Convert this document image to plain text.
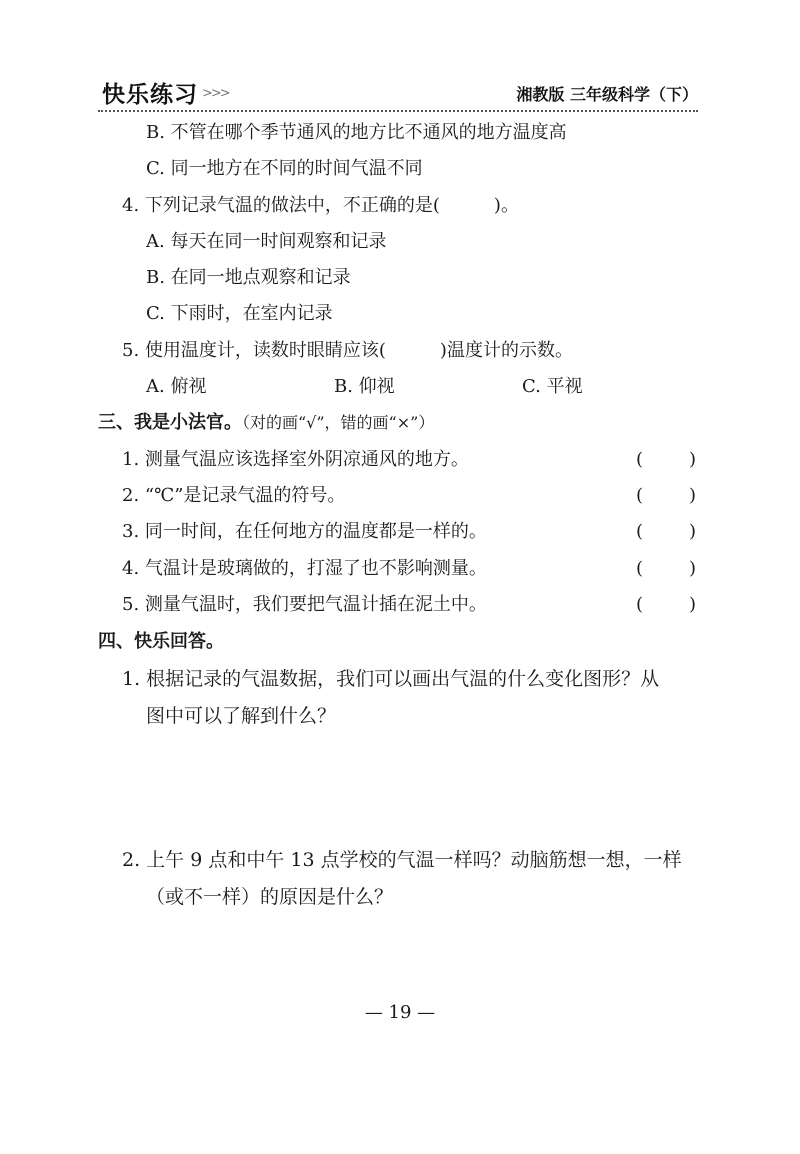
快乐练习 >>>	湘教版 三年级科学（下）
B. 不管在哪个季节通风的地方比不通风的地方温度高
C. 同一地方在不同的时间气温不同
4. 下列记录气温的做法中，不正确的是(　　　)。
A. 每天在同一时间观察和记录
B. 在同一地点观察和记录
C. 下雨时，在室内记录
5. 使用温度计，读数时眼睛应该(　　　)温度计的示数。
A. 俯视	B. 仰视	C. 平视
三、我是小法官。（对的画“√”，错的画“×”）
1. 测量气温应该选择室外阴凉通风的地方。	(	)
2. “℃”是记录气温的符号。	(	)
3. 同一时间，在任何地方的温度都是一样的。	(	)
4. 气温计是玻璃做的，打湿了也不影响测量。	(	)
5. 测量气温时，我们要把气温计插在泥土中。	(	)
四、快乐回答。
1. 根据记录的气温数据，我们可以画出气温的什么变化图形？从
图中可以了解到什么？
2. 上午 9 点和中午 13 点学校的气温一样吗？动脑筋想一想，一样
（或不一样）的原因是什么？
— 19 —
